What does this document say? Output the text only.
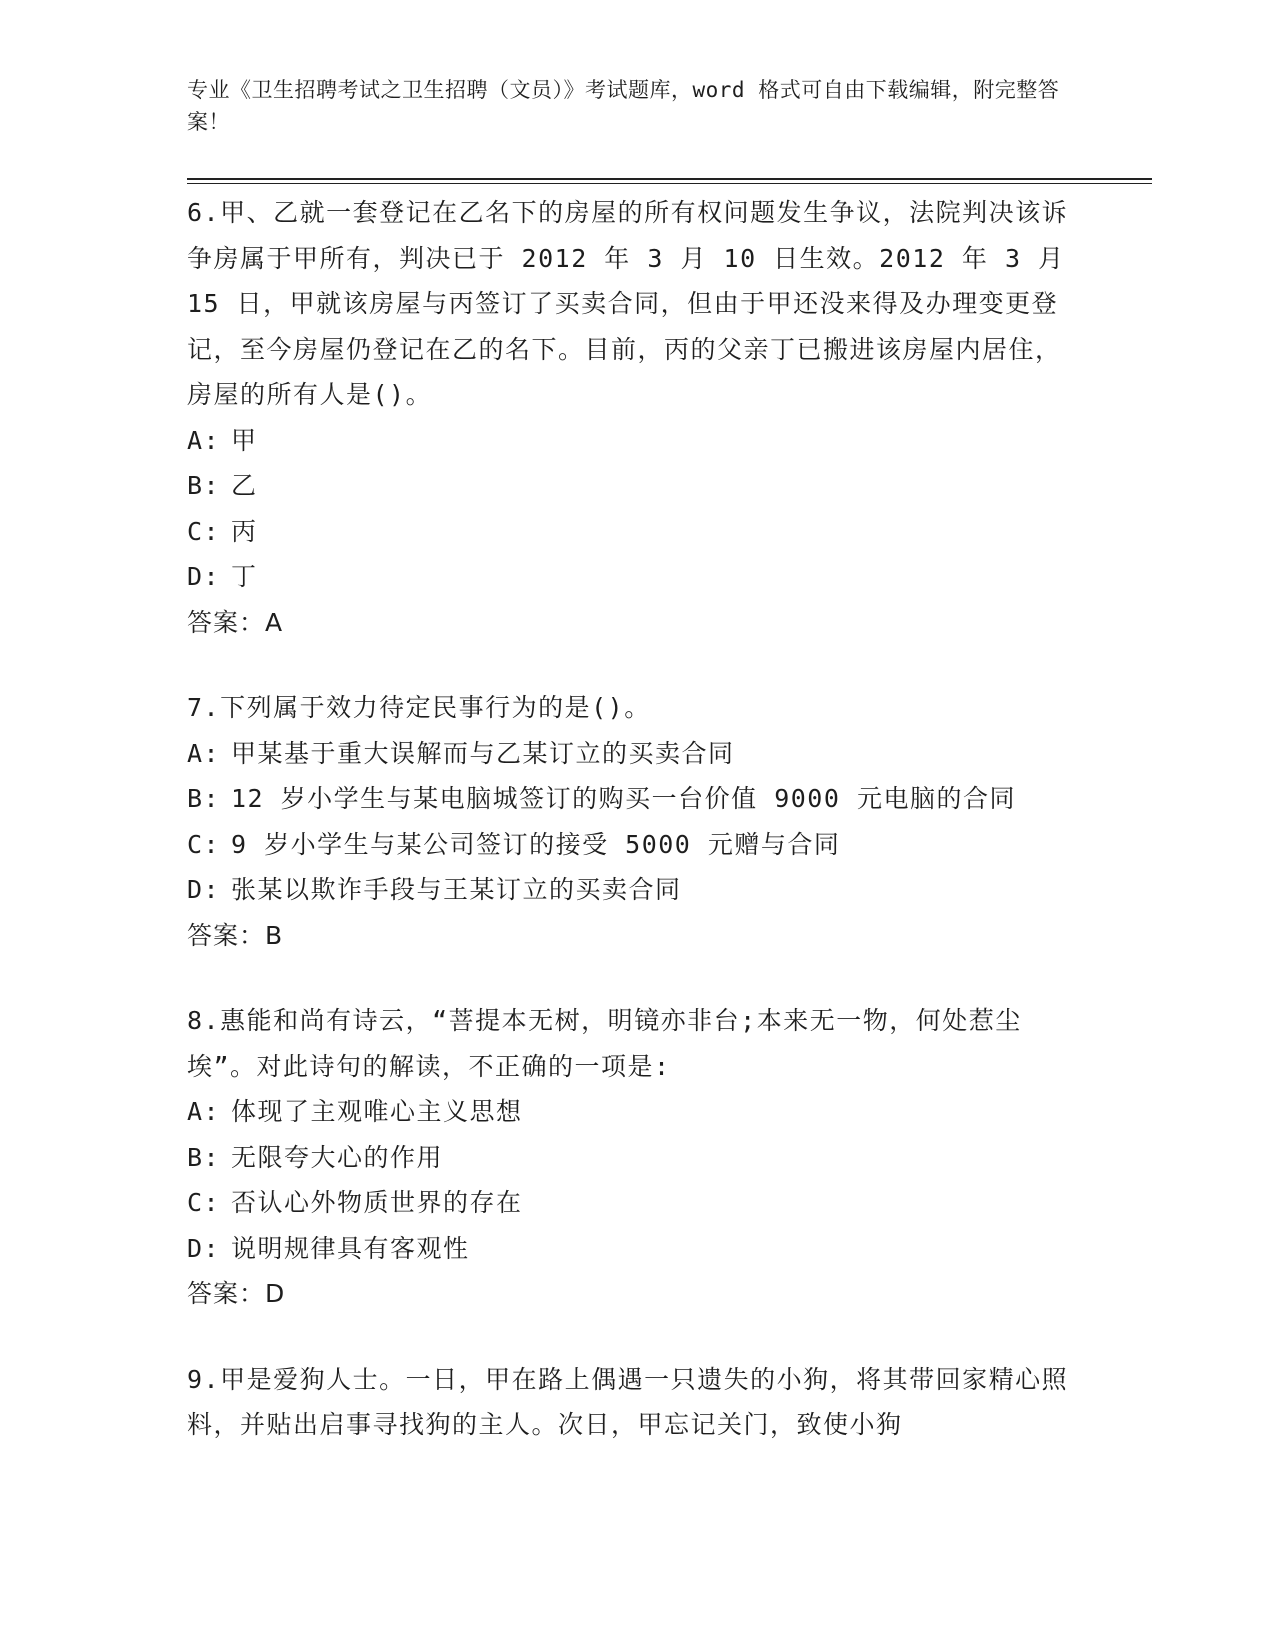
专业《卫生招聘考试之卫生招聘（文员）》考试题库，word 格式可自由下载编辑，附完整答案！

6.甲、乙就一套登记在乙名下的房屋的所有权问题发生争议，法院判决该诉争房属于甲所有，判决已于 2012 年 3 月 10 日生效。2012 年 3 月 15 日，甲就该房屋与丙签订了买卖合同，但由于甲还没来得及办理变更登记，至今房屋仍登记在乙的名下。目前，丙的父亲丁已搬进该房屋内居住，房屋的所有人是()。

A: 甲

B: 乙

C: 丙

D: 丁

答案：A

7.下列属于效力待定民事行为的是()。

A: 甲某基于重大误解而与乙某订立的买卖合同

B: 12 岁小学生与某电脑城签订的购买一台价值 9000 元电脑的合同

C: 9 岁小学生与某公司签订的接受 5000 元赠与合同

D: 张某以欺诈手段与王某订立的买卖合同

答案：B

8.惠能和尚有诗云，“菩提本无树，明镜亦非台;本来无一物，何处惹尘埃”。对此诗句的解读，不正确的一项是:

A: 体现了主观唯心主义思想

B: 无限夸大心的作用

C: 否认心外物质世界的存在

D: 说明规律具有客观性

答案：D

9.甲是爱狗人士。一日，甲在路上偶遇一只遗失的小狗，将其带回家精心照料，并贴出启事寻找狗的主人。次日，甲忘记关门，致使小狗
